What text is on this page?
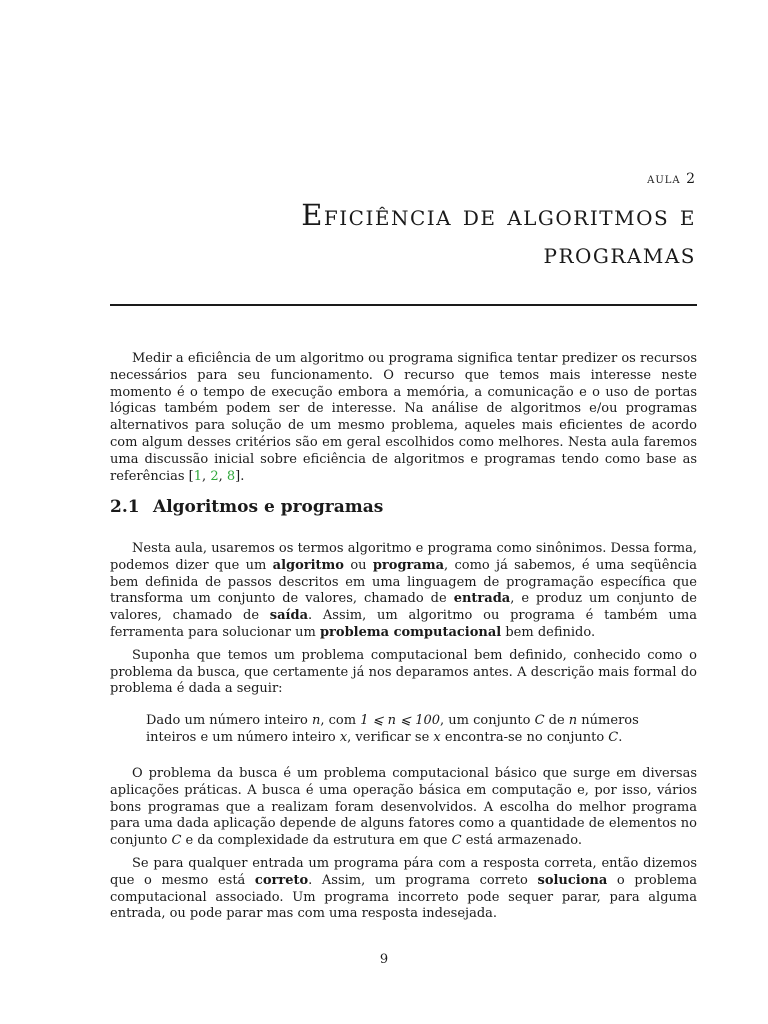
aula 2
Eficiência de algoritmos e programas

Medir a eficiência de um algoritmo ou programa significa tentar predizer os recursos necessários para seu funcionamento. O recurso que temos mais interesse neste momento é o tempo de execução embora a memória, a comunicação e o uso de portas lógicas também podem ser de interesse. Na análise de algoritmos e/ou programas alternativos para solução de um mesmo problema, aqueles mais eficientes de acordo com algum desses critérios são em geral escolhidos como melhores. Nesta aula faremos uma discussão inicial sobre eficiência de algoritmos e programas tendo como base as referências [1, 2, 8].

2.1 Algoritmos e programas

Nesta aula, usaremos os termos algoritmo e programa como sinônimos. Dessa forma, podemos dizer que um algoritmo ou programa, como já sabemos, é uma seqüência bem definida de passos descritos em uma linguagem de programação específica que transforma um conjunto de valores, chamado de entrada, e produz um conjunto de valores, chamado de saída. Assim, um algoritmo ou programa é também uma ferramenta para solucionar um problema computacional bem definido.

Suponha que temos um problema computacional bem definido, conhecido como o problema da busca, que certamente já nos deparamos antes. A descrição mais formal do problema é dada a seguir:

Dado um número inteiro n, com 1 ⩽ n ⩽ 100, um conjunto C de n números inteiros e um número inteiro x, verificar se x encontra-se no conjunto C.

O problema da busca é um problema computacional básico que surge em diversas aplicações práticas. A busca é uma operação básica em computação e, por isso, vários bons programas que a realizam foram desenvolvidos. A escolha do melhor programa para uma dada aplicação depende de alguns fatores como a quantidade de elementos no conjunto C e da complexidade da estrutura em que C está armazenado.

Se para qualquer entrada um programa pára com a resposta correta, então dizemos que o mesmo está correto. Assim, um programa correto soluciona o problema computacional associado. Um programa incorreto pode sequer parar, para alguma entrada, ou pode parar mas com uma resposta indesejada.

9
